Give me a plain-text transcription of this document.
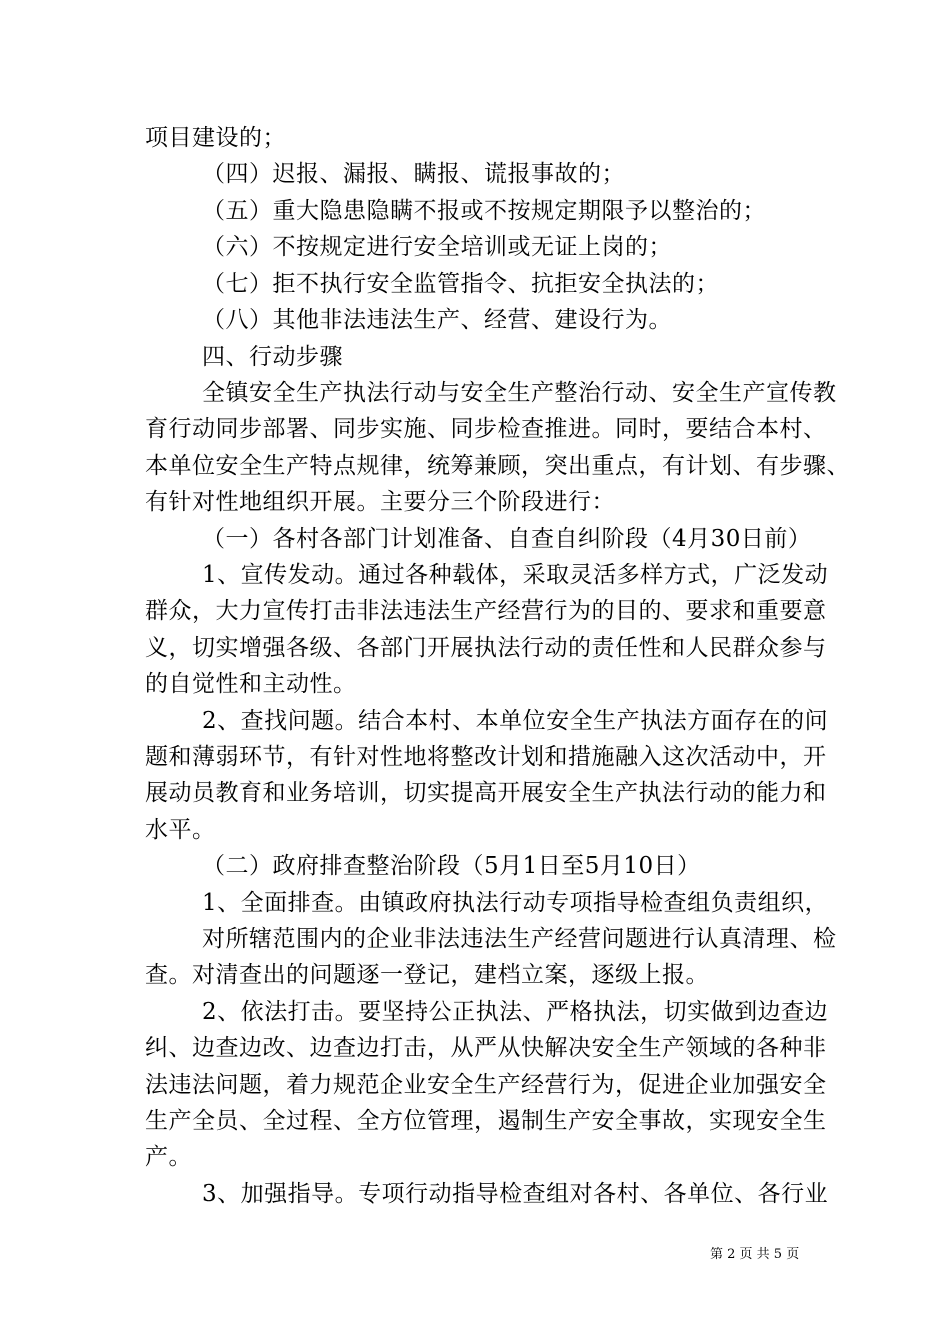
项目建设的；
（四）迟报、漏报、瞒报、谎报事故的；
（五）重大隐患隐瞒不报或不按规定期限予以整治的；
（六）不按规定进行安全培训或无证上岗的；
（七）拒不执行安全监管指令、抗拒安全执法的；
（八）其他非法违法生产、经营、建设行为。
四、行动步骤
全镇安全生产执法行动与安全生产整治行动、安全生产宣传教
育行动同步部署、同步实施、同步检查推进。同时，要结合本村、
本单位安全生产特点规律，统筹兼顾，突出重点，有计划、有步骤、
有针对性地组织开展。主要分三个阶段进行：
（一）各村各部门计划准备、自查自纠阶段（4月30日前）
1、宣传发动。通过各种载体，采取灵活多样方式，广泛发动
群众，大力宣传打击非法违法生产经营行为的目的、要求和重要意
义，切实增强各级、各部门开展执法行动的责任性和人民群众参与
的自觉性和主动性。
2、查找问题。结合本村、本单位安全生产执法方面存在的问
题和薄弱环节，有针对性地将整改计划和措施融入这次活动中，开
展动员教育和业务培训，切实提高开展安全生产执法行动的能力和
水平。
（二）政府排查整治阶段（5月1日至5月10日）
1、全面排查。由镇政府执法行动专项指导检查组负责组织，
对所辖范围内的企业非法违法生产经营问题进行认真清理、检
查。对清查出的问题逐一登记，建档立案，逐级上报。
2、依法打击。要坚持公正执法、严格执法，切实做到边查边
纠、边查边改、边查边打击，从严从快解决安全生产领域的各种非
法违法问题，着力规范企业安全生产经营行为，促进企业加强安全
生产全员、全过程、全方位管理，遏制生产安全事故，实现安全生
产。
3、加强指导。专项行动指导检查组对各村、各单位、各行业
第 2 页 共 5 页
